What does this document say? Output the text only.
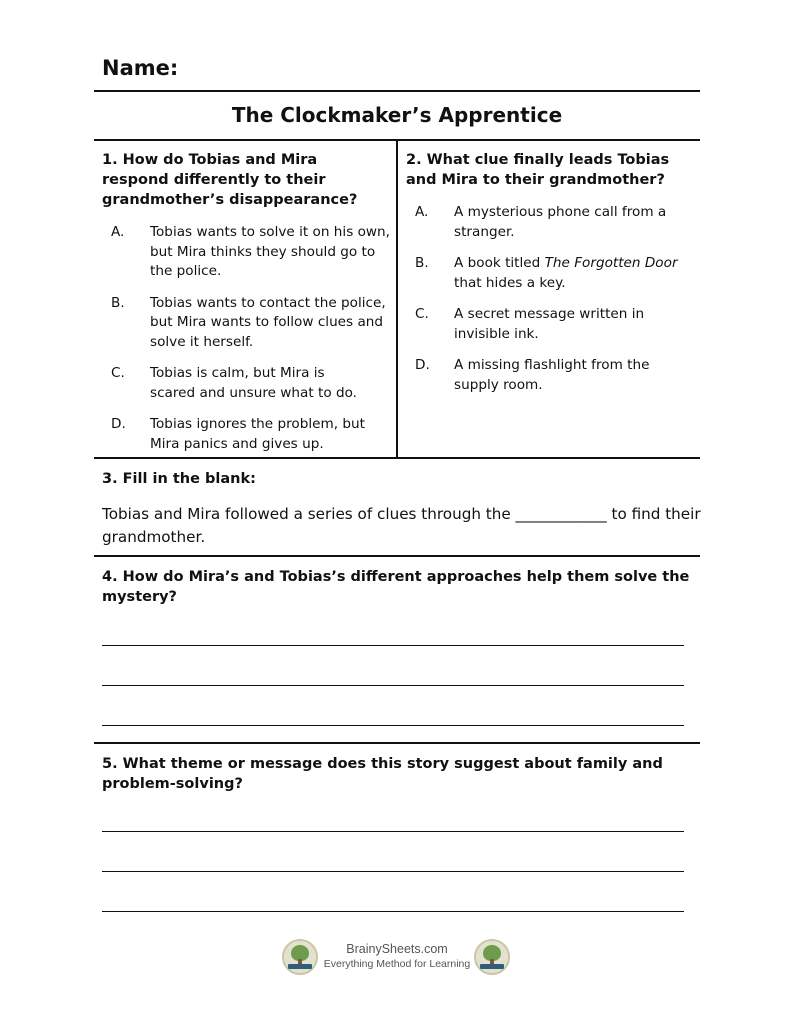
Name:
The Clockmaker’s Apprentice
1. How do Tobias and Mira respond differently to their grandmother’s disappearance?
A.	Tobias wants to solve it on his own, but Mira thinks they should go to the police.
B.	Tobias wants to contact the police, but Mira wants to follow clues and solve it herself.
C.	Tobias is calm, but Mira is scared and unsure what to do.
D.	Tobias ignores the problem, but Mira panics and gives up.
2. What clue finally leads Tobias and Mira to their grandmother?
A.	A mysterious phone call from a stranger.
B.	A book titled The Forgotten Door that hides a key.
C.	A secret message written in invisible ink.
D.	A missing flashlight from the supply room.
3. Fill in the blank:
Tobias and Mira followed a series of clues through the ____________ to find their grandmother.
4. How do Mira’s and Tobias’s different approaches help them solve the mystery?
5. What theme or message does this story suggest about family and problem-solving?
BrainySheets.com
Everything Method for Learning
